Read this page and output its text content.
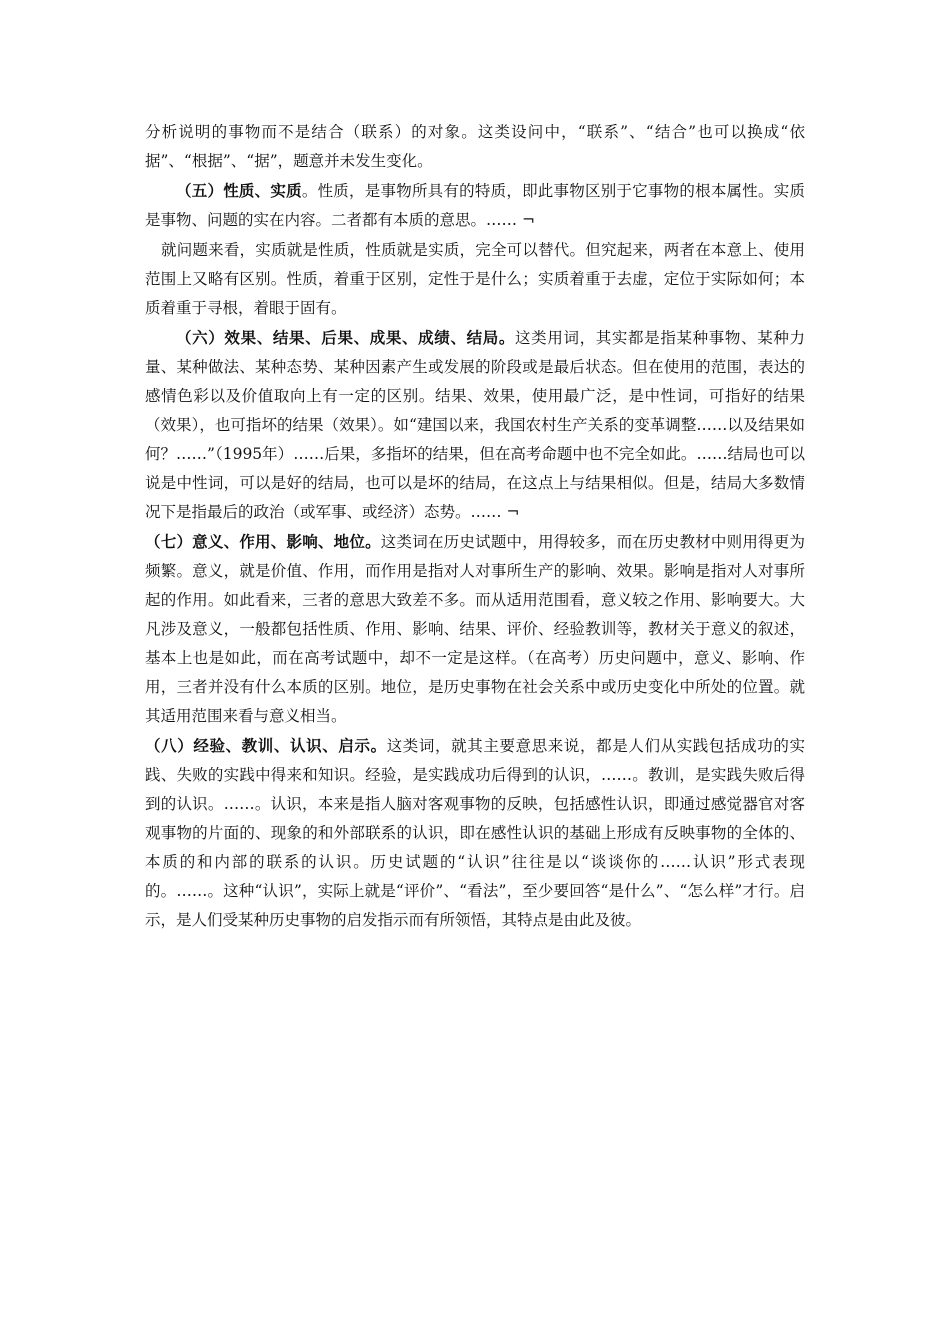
分析说明的事物而不是结合（联系）的对象。这类设问中，“联系”、“结合”也可以换成“依据”、“根据”、“据”，题意并未发生变化。

（五）性质、实质。性质，是事物所具有的特质，即此事物区别于它事物的根本属性。实质是事物、问题的实在内容。二者都有本质的意思。…… ¬

就问题来看，实质就是性质，性质就是实质，完全可以替代。但究起来，两者在本意上、使用范围上又略有区别。性质，着重于区别，定性于是什么；实质着重于去虚，定位于实际如何；本质着重于寻根，着眼于固有。

（六）效果、结果、后果、成果、成绩、结局。这类用词，其实都是指某种事物、某种力量、某种做法、某种态势、某种因素产生或发展的阶段或是最后状态。但在使用的范围，表达的感情色彩以及价值取向上有一定的区别。结果、效果，使用最广泛，是中性词，可指好的结果（效果），也可指坏的结果（效果）。如“建国以来，我国农村生产关系的变革调整……以及结果如何？……”（1995年）……后果，多指坏的结果，但在高考命题中也不完全如此。……结局也可以说是中性词，可以是好的结局，也可以是坏的结局，在这点上与结果相似。但是，结局大多数情况下是指最后的政治（或军事、或经济）态势。…… ¬

（七）意义、作用、影响、地位。这类词在历史试题中，用得较多，而在历史教材中则用得更为频繁。意义，就是价值、作用，而作用是指对人对事所生产的影响、效果。影响是指对人对事所起的作用。如此看来，三者的意思大致差不多。而从适用范围看，意义较之作用、影响要大。大凡涉及意义，一般都包括性质、作用、影响、结果、评价、经验教训等，教材关于意义的叙述，基本上也是如此，而在高考试题中，却不一定是这样。（在高考）历史问题中，意义、影响、作用，三者并没有什么本质的区别。地位，是历史事物在社会关系中或历史变化中所处的位置。就其适用范围来看与意义相当。

（八）经验、教训、认识、启示。这类词，就其主要意思来说，都是人们从实践包括成功的实践、失败的实践中得来和知识。经验，是实践成功后得到的认识，……。教训，是实践失败后得到的认识。……。认识，本来是指人脑对客观事物的反映，包括感性认识，即通过感觉器官对客观事物的片面的、现象的和外部联系的认识，即在感性认识的基础上形成有反映事物的全体的、本质的和内部的联系的认识。历史试题的“认识”往往是以“谈谈你的……认识”形式表现的。……。这种“认识”，实际上就是“评价”、“看法”，至少要回答“是什么”、“怎么样”才行。启示，是人们受某种历史事物的启发指示而有所领悟，其特点是由此及彼。
